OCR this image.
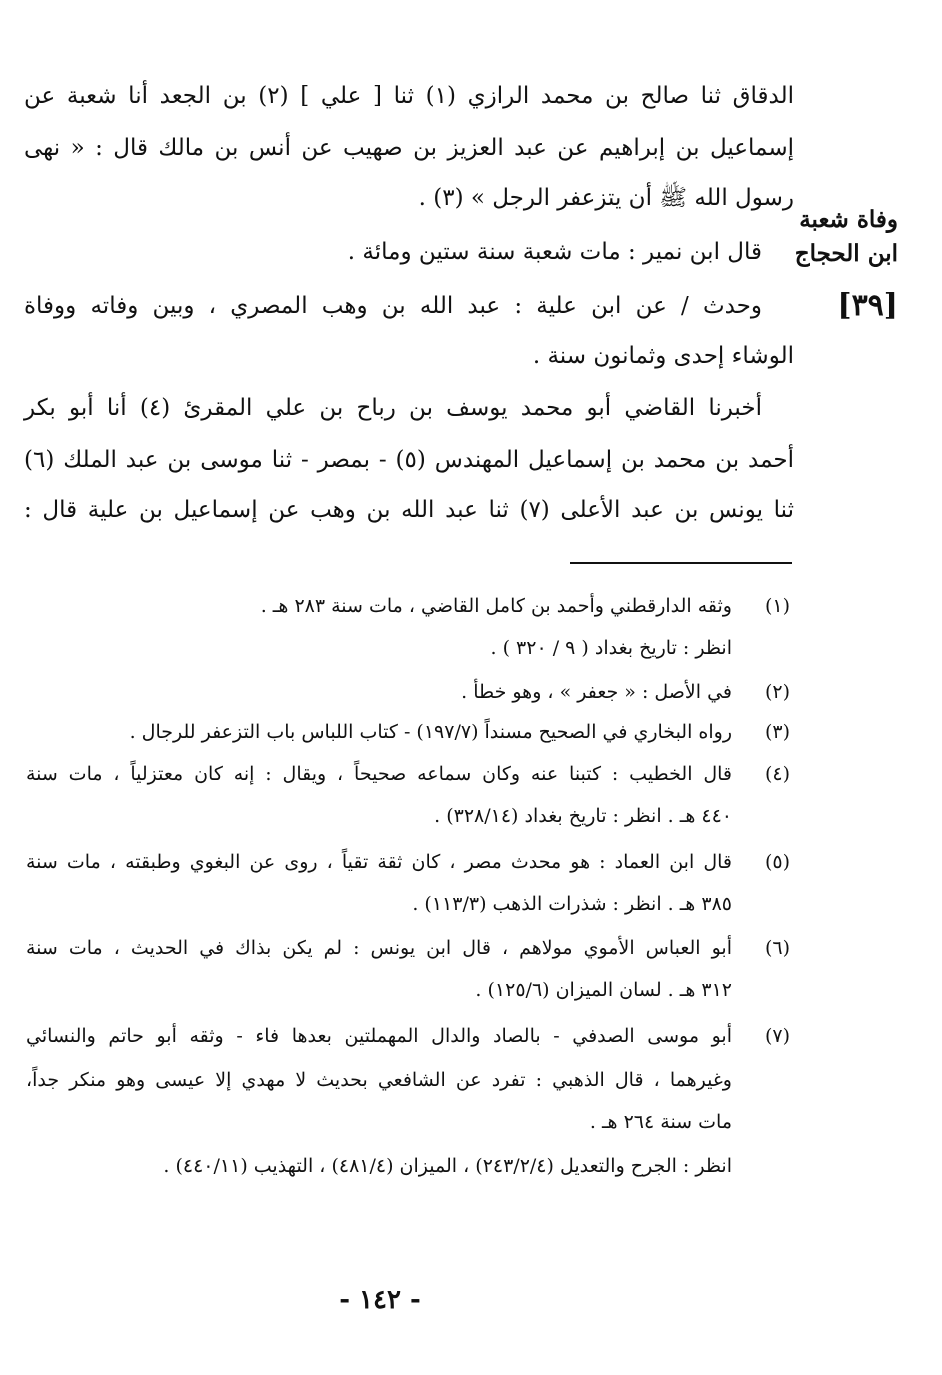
وفاة شعبة
ابن الحجاج
[٣٩]
الدقاق ثنا صالح بن محمد الرازي (١) ثنا [ علي ] (٢) بن الجعد أنا شعبة عن
إسماعيل بن إبراهيم عن عبد العزيز بن صهيب عن أنس بن مالك قال : « نهى
رسول الله ﷺ أن يتزعفر الرجل » (٣) .
قال ابن نمير : مات شعبة سنة ستين ومائة .
وحدث / عن ابن علية : عبد الله بن وهب المصري ، وبين وفاته ووفاة
الوشاء إحدى وثمانون سنة .
أخبرنا القاضي أبو محمد يوسف بن رباح بن علي المقرئ (٤) أنا أبو بكر
أحمد بن محمد بن إسماعيل المهندس (٥) - بمصر - ثنا موسى بن عبد الملك (٦)
ثنا يونس بن عبد الأعلى (٧) ثنا عبد الله بن وهب عن إسماعيل بن علية قال :
(١)
وثقه الدارقطني وأحمد بن كامل القاضي ، مات سنة ٢٨٣ هـ .
انظر : تاريخ بغداد ( ٩ / ٣٢٠ ) .
(٢)
في الأصل : « جعفر » ، وهو خطأ .
(٣)
رواه البخاري في الصحيح مسنداً (١٩٧/٧) - كتاب اللباس باب التزعفر للرجال .
(٤)
قال الخطيب : كتبنا عنه وكان سماعه صحيحاً ، ويقال : إنه كان معتزلياً ، مات سنة
٤٤٠ هـ . انظر : تاريخ بغداد (٣٢٨/١٤) .
(٥)
قال ابن العماد : هو محدث مصر ، كان ثقة تقياً ، روى عن البغوي وطبقته ، مات سنة
٣٨٥ هـ . انظر : شذرات الذهب (١١٣/٣) .
(٦)
أبو العباس الأموي مولاهم ، قال ابن يونس : لم يكن بذاك في الحديث ، مات سنة
٣١٢ هـ . لسان الميزان (١٢٥/٦) .
(٧)
أبو موسى الصدفي - بالصاد والدال المهملتين بعدها فاء - وثقه أبو حاتم والنسائي
وغيرهما ، قال الذهبي : تفرد عن الشافعي بحديث لا مهدي إلا عيسى وهو منكر جداً،
مات سنة ٢٦٤ هـ .
انظر : الجرح والتعديل (٢٤٣/٢/٤) ، الميزان (٤٨١/٤) ، التهذيب (٤٤٠/١١) .
- ١٤٢ -
